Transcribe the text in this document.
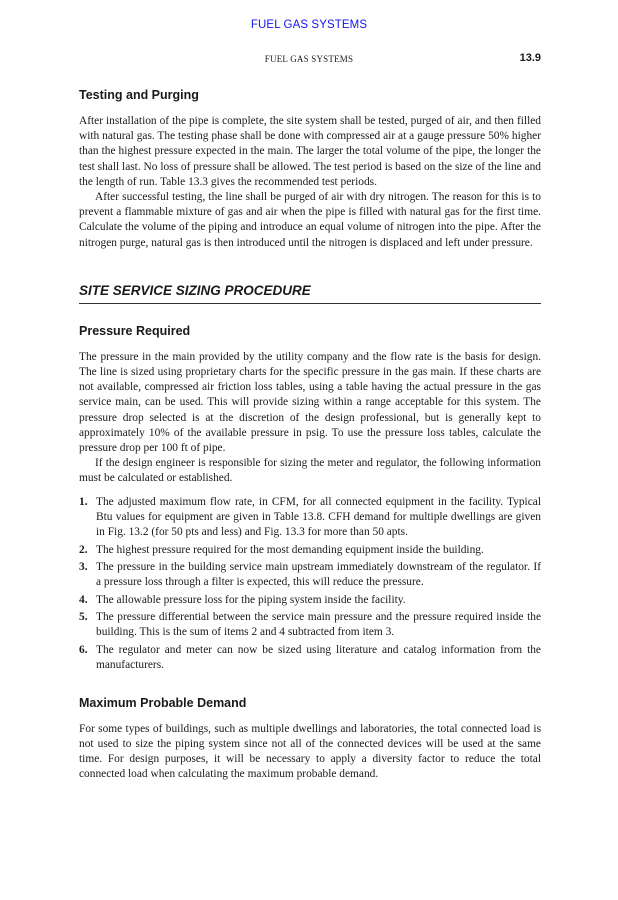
FUEL GAS SYSTEMS
FUEL GAS SYSTEMS	13.9
Testing and Purging

After installation of the pipe is complete, the site system shall be tested, purged of air, and then filled with natural gas. The testing phase shall be done with compressed air at a gauge pressure 50% higher than the highest pressure expected in the main. The larger the total volume of the pipe, the longer the test shall last. No loss of pressure shall be allowed. The test period is based on the size of the line and the length of run. Table 13.3 gives the recommended test periods.

After successful testing, the line shall be purged of air with dry nitrogen. The reason for this is to prevent a flammable mixture of gas and air when the pipe is filled with natural gas for the first time. Calculate the volume of the piping and introduce an equal volume of nitrogen into the pipe. After the nitrogen purge, natural gas is then introduced until the nitrogen is displaced and left under pressure.

SITE SERVICE SIZING PROCEDURE
Pressure Required

The pressure in the main provided by the utility company and the flow rate is the basis for design. The line is sized using proprietary charts for the specific pressure in the gas main. If these charts are not available, compressed air friction loss tables, using a table having the actual pressure in the gas service main, can be used. This will provide sizing within a range acceptable for this system. The pressure drop selected is at the discretion of the design professional, but is generally kept to approximately 10% of the available pressure in psig. To use the pressure loss tables, calculate the pressure drop per 100 ft of pipe.

If the design engineer is responsible for sizing the meter and regulator, the following information must be calculated or established.

1. The adjusted maximum flow rate, in CFM, for all connected equipment in the facility. Typical Btu values for equipment are given in Table 13.8. CFH demand for multiple dwellings are given in Fig. 13.2 (for 50 pts and less) and Fig. 13.3 for more than 50 apts.
2. The highest pressure required for the most demanding equipment inside the building.
3. The pressure in the building service main upstream immediately downstream of the regulator. If a pressure loss through a filter is expected, this will reduce the pressure.
4. The allowable pressure loss for the piping system inside the facility.
5. The pressure differential between the service main pressure and the pressure required inside the building. This is the sum of items 2 and 4 subtracted from item 3.
6. The regulator and meter can now be sized using literature and catalog information from the manufacturers.
Maximum Probable Demand

For some types of buildings, such as multiple dwellings and laboratories, the total connected load is not used to size the piping system since not all of the connected devices will be used at the same time. For design purposes, it will be necessary to apply a diversity factor to reduce the total connected load when calculating the maximum probable demand.
